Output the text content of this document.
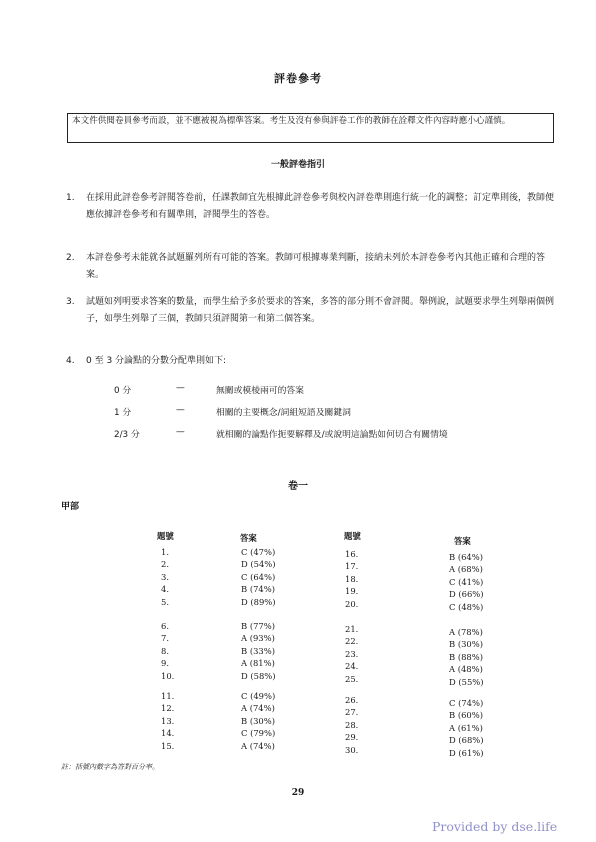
評卷參考
本文件供閱卷員參考而設，並不應被視為標準答案。考生及沒有參與評卷工作的教師在詮釋文件內容時應小心謹慎。
一般評卷指引
1.	在採用此評卷參考評閱答卷前，任課教師宜先根據此評卷參考與校內評卷準則進行統一化的調整；訂定準則後，教師便應依據評卷參考和有關準則，評閱學生的答卷。
2.	本評卷參考未能就各試題羅列所有可能的答案。教師可根據專業判斷，接納未列於本評卷參考內其他正確和合理的答案。
3.	試題如列明要求答案的數量，而學生給予多於要求的答案，多答的部分則不會評閱。舉例說，試題要求學生列舉兩個例子，如學生列舉了三個，教師只須評閱第一和第二個答案。
4.	0 至 3 分論點的分數分配準則如下:
0 分	—	無關或模棱兩可的答案
1 分	—	相關的主要概念/詞組短語及關鍵詞
2/3 分	—	就相關的論點作扼要解釋及/或說明這論點如何切合有關情境
卷一
甲部
題號	答案	題號	答案
1.	C (47%)
2.	D (54%)
3.	C (64%)
4.	B (74%)
5.	D (89%)
6.	B (77%)
7.	A (93%)
8.	B (33%)
9.	A (81%)
10.	D (58%)
11.	C (49%)
12.	A (74%)
13.	B (30%)
14.	C (79%)
15.	A (74%)
16.	B (64%)
17.	A (68%)
18.	C (41%)
19.	D (66%)
20.	C (48%)
21.	A (78%)
22.	B (30%)
23.	B (88%)
24.	A (48%)
25.	D (55%)
26.	C (74%)
27.	B (60%)
28.	A (61%)
29.	D (68%)
30.	D (61%)
註：括號內數字為答對百分率。
29
Provided by dse.life
